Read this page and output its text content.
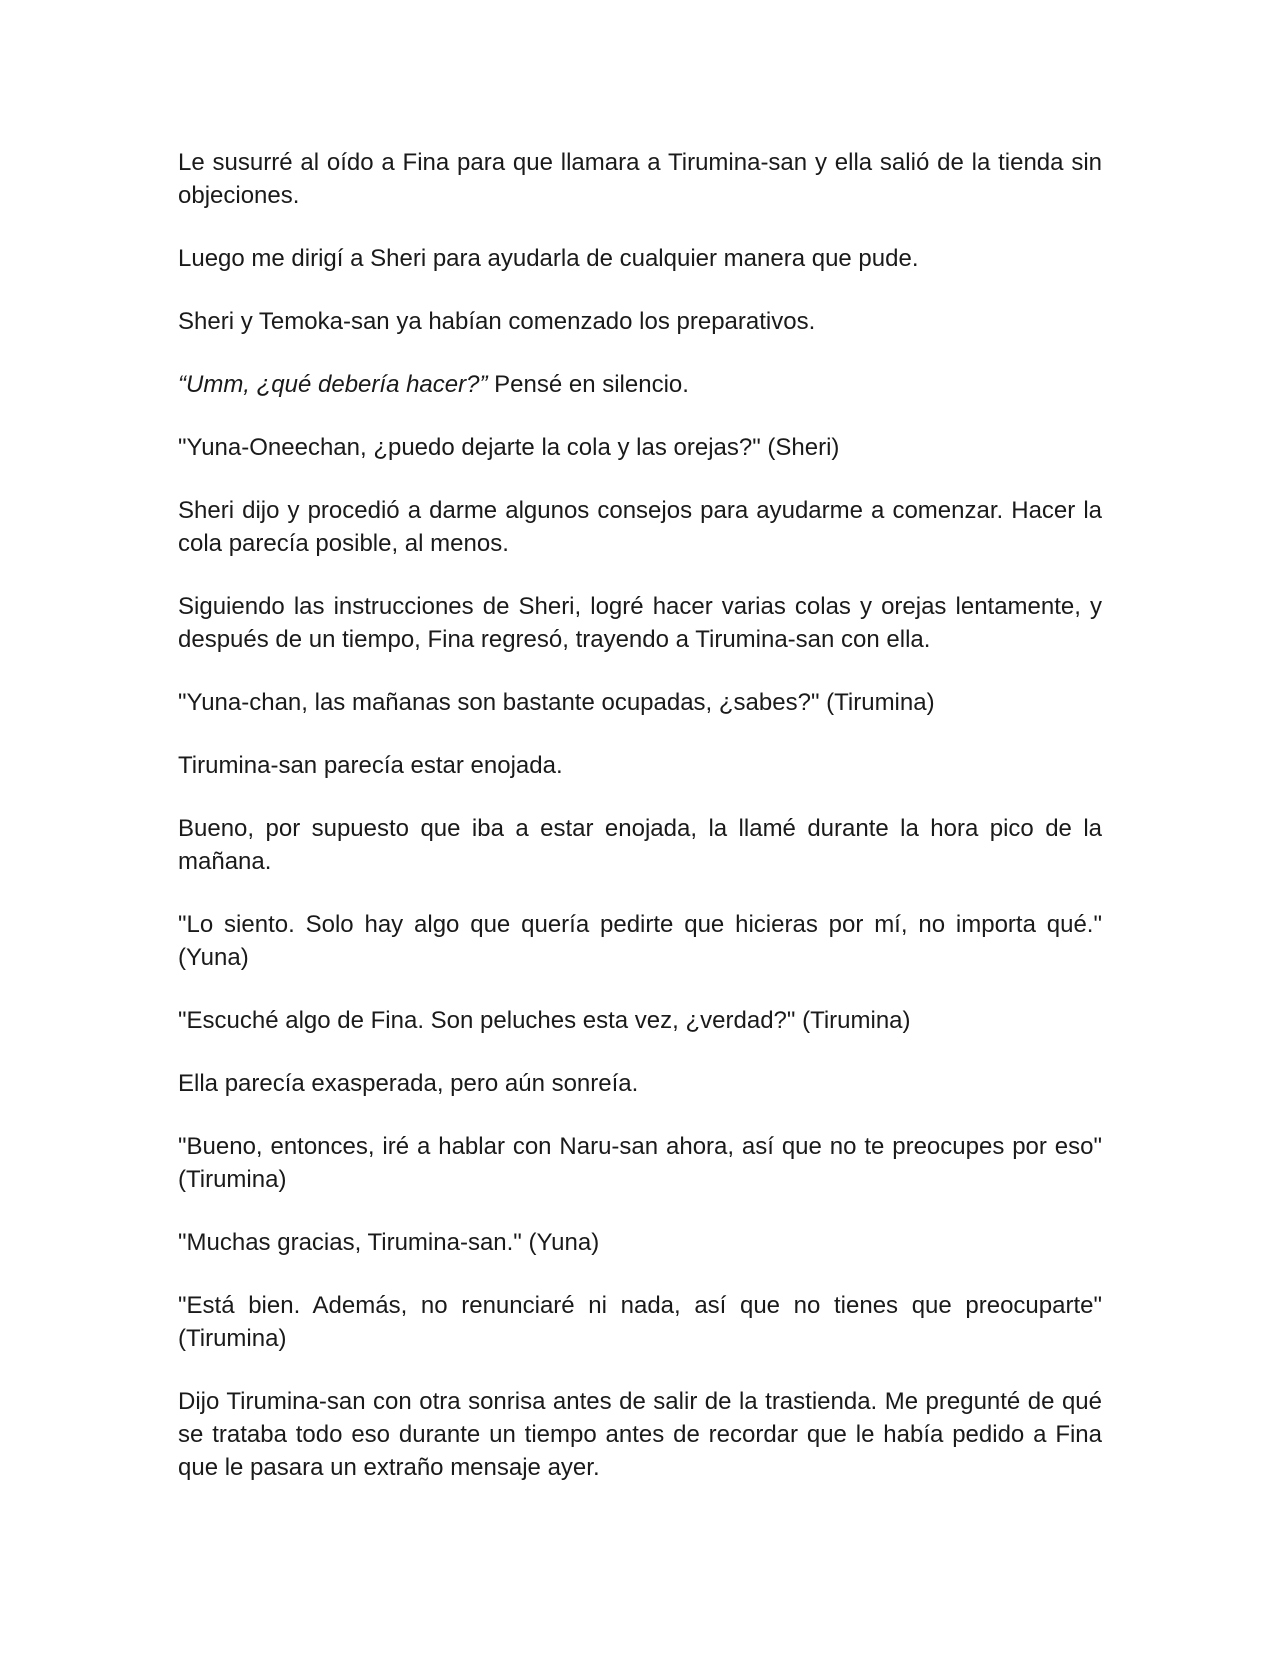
Le susurré al oído a Fina para que llamara a Tirumina-san y ella salió de la tienda sin objeciones.

Luego me dirigí a Sheri para ayudarla de cualquier manera que pude.

Sheri y Temoka-san ya habían comenzado los preparativos.

“Umm, ¿qué debería hacer?” Pensé en silencio.

"Yuna-Oneechan, ¿puedo dejarte la cola y las orejas?" (Sheri)

Sheri dijo y procedió a darme algunos consejos para ayudarme a comenzar. Hacer la cola parecía posible, al menos.

Siguiendo las instrucciones de Sheri, logré hacer varias colas y orejas lentamente, y después de un tiempo, Fina regresó, trayendo a Tirumina-san con ella.

"Yuna-chan, las mañanas son bastante ocupadas, ¿sabes?" (Tirumina)

Tirumina-san parecía estar enojada.

Bueno, por supuesto que iba a estar enojada, la llamé durante la hora pico de la mañana.

"Lo siento. Solo hay algo que quería pedirte que hicieras por mí, no importa qué." (Yuna)

"Escuché algo de Fina. Son peluches esta vez, ¿verdad?" (Tirumina)

Ella parecía exasperada, pero aún sonreía.

"Bueno, entonces, iré a hablar con Naru-san ahora, así que no te preocupes por eso" (Tirumina)

"Muchas gracias, Tirumina-san." (Yuna)

"Está bien. Además, no renunciaré ni nada, así que no tienes que preocuparte" (Tirumina)

Dijo Tirumina-san con otra sonrisa antes de salir de la trastienda. Me pregunté de qué se trataba todo eso durante un tiempo antes de recordar que le había pedido a Fina que le pasara un extraño mensaje ayer.
